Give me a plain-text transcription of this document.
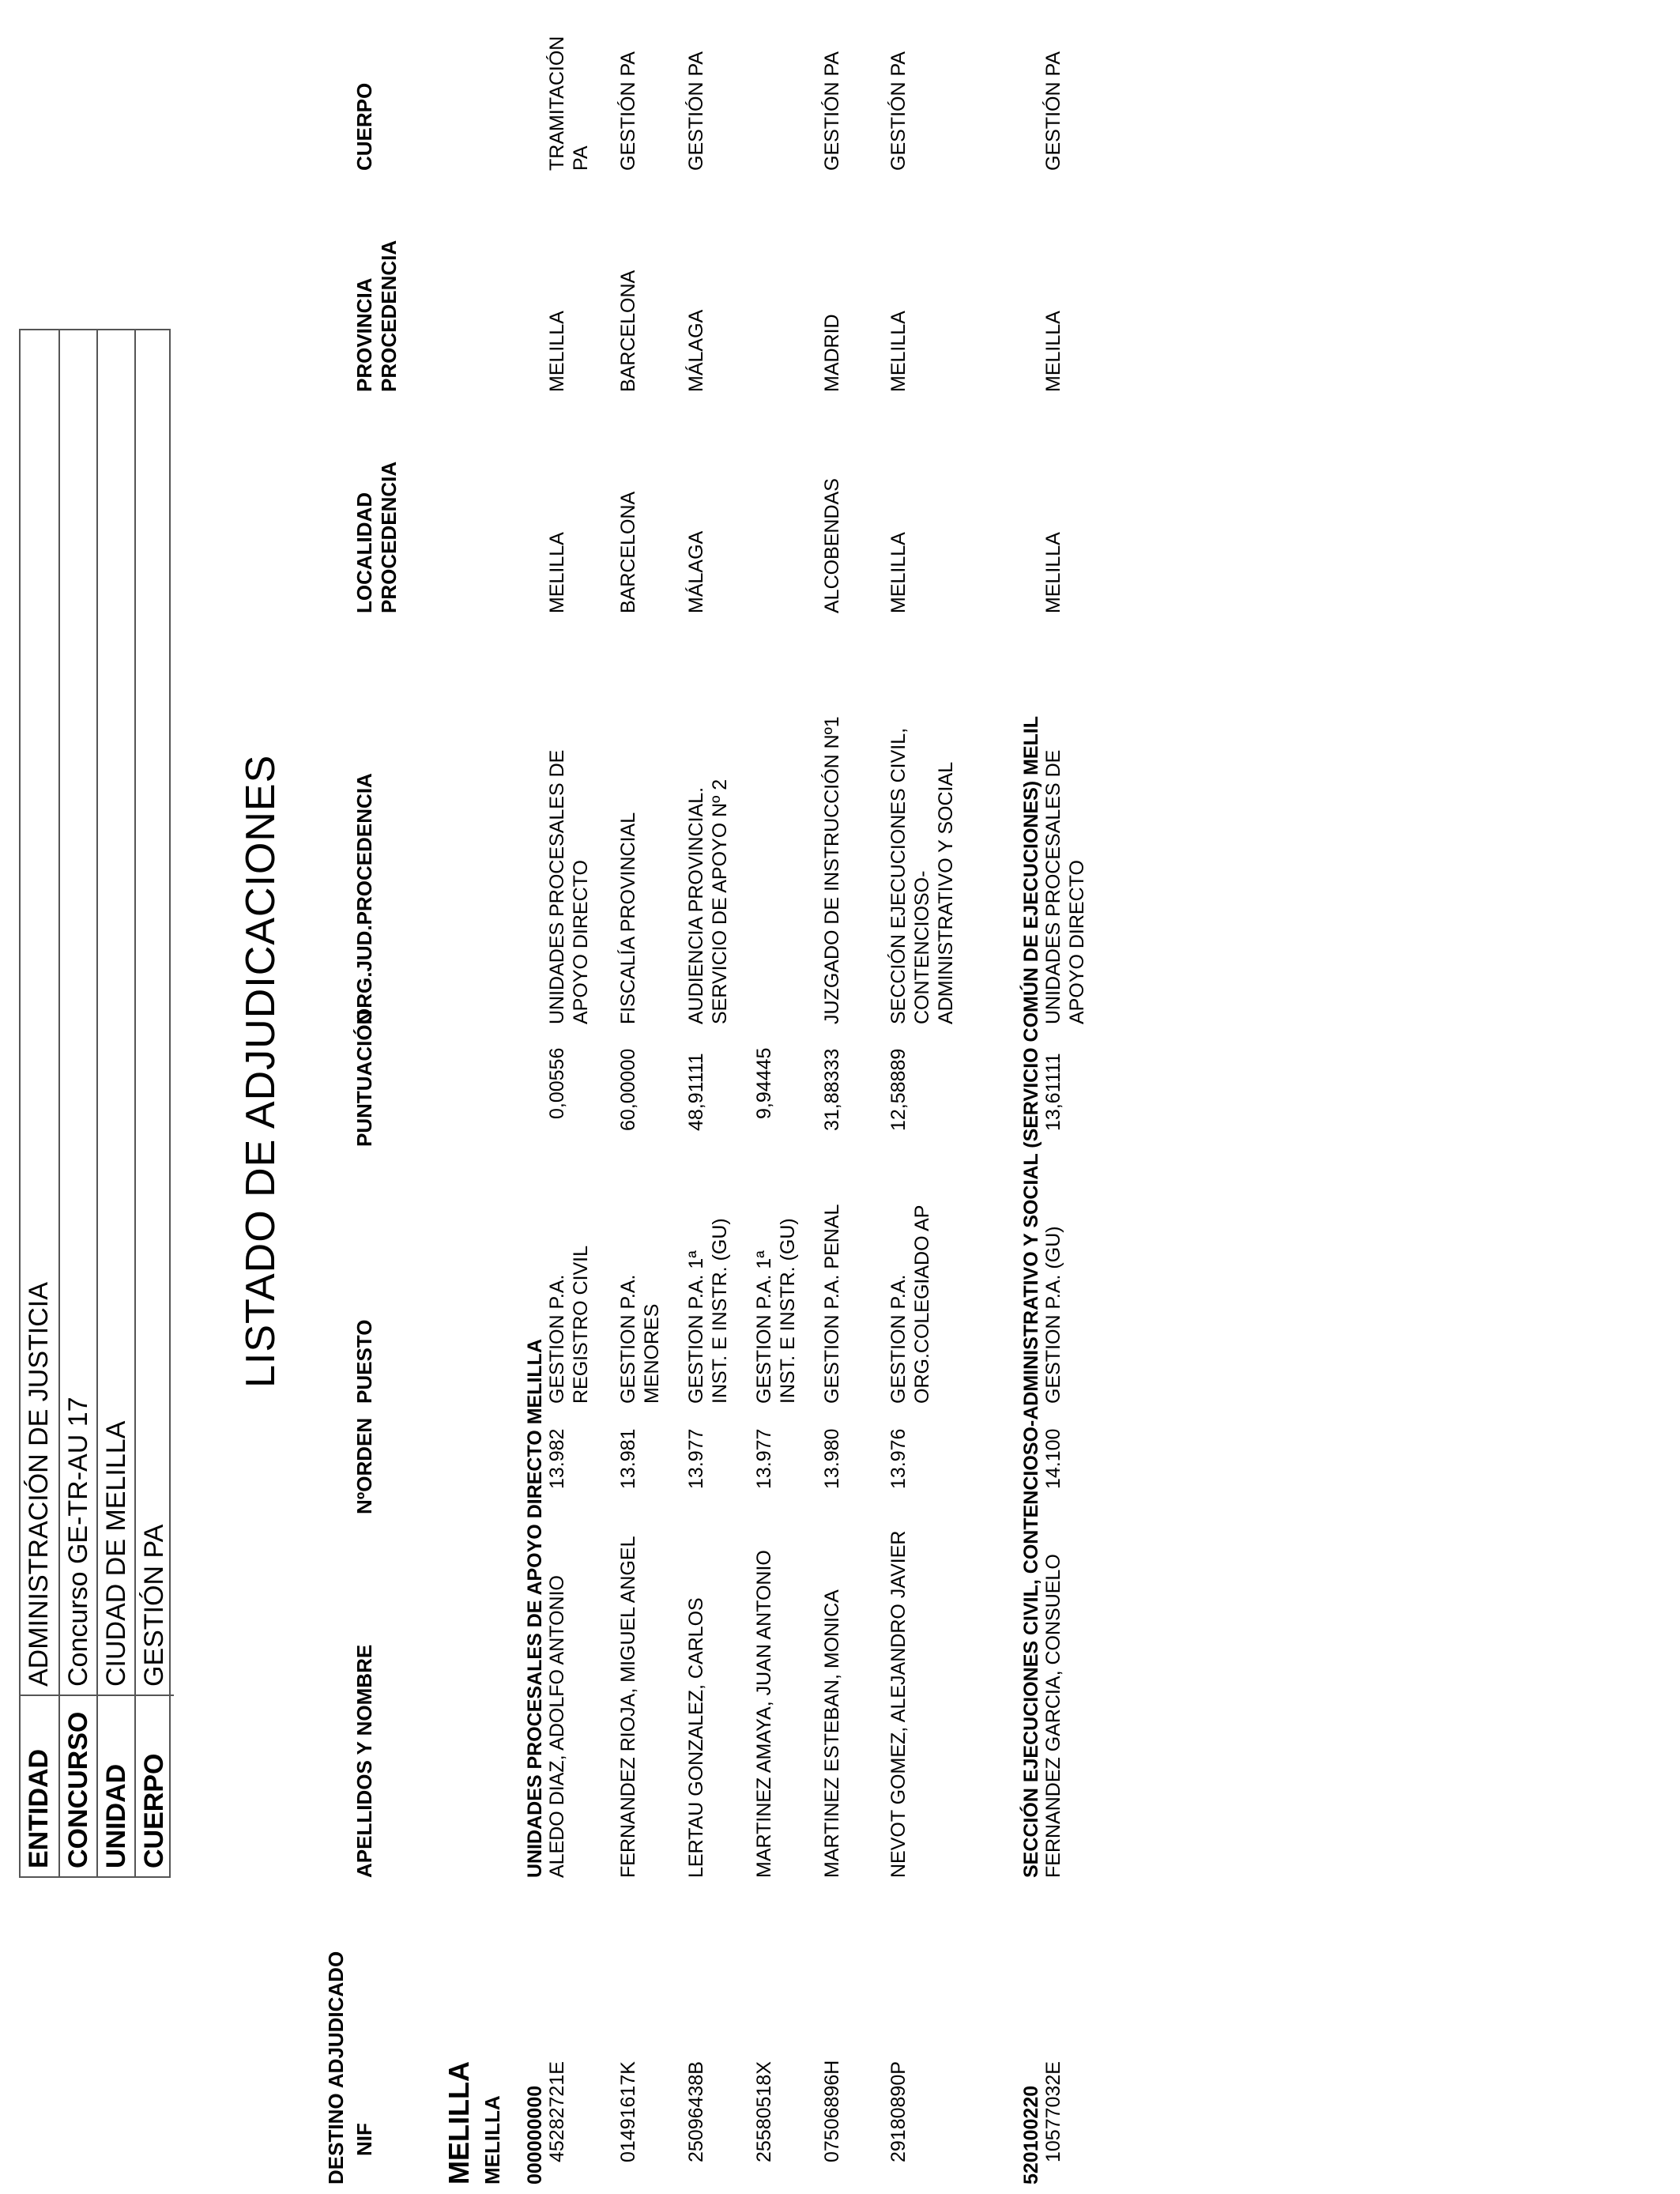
ENTIDAD
ADMINISTRACIÓN DE JUSTICIA
CONCURSO
Concurso GE-TR-AU 17
UNIDAD
CIUDAD DE MELILLA
CUERPO
GESTIÓN PA
LISTADO DE ADJUDICACIONES
DESTINO ADJUDICADO NIF
APELLIDOS Y NOMBRE
NºORDEN
PUESTO
PUNTUACIÓN
ORG.JUD.PROCEDENCIA
LOCALIDAD PROCEDENCIA
PROVINCIA PROCEDENCIA
CUERPO
MELILLA MELILLA 000000000
UNIDADES PROCESALES DE APOYO DIRECTO MELILLA
45282721E
ALEDO DIAZ, ADOLFO ANTONIO
13.982
GESTION P.A. REGISTRO CIVIL
0,00556
UNIDADES PROCESALES DE APOYO DIRECTO
MELILLA
MELILLA
TRAMITACIÓN PA
01491617K
FERNANDEZ RIOJA, MIGUEL ANGEL
13.981
GESTION P.A. MENORES
60,00000
FISCALÍA PROVINCIAL
BARCELONA
BARCELONA
GESTIÓN PA
25096438B
LERTAU GONZALEZ, CARLOS
13.977
GESTION P.A. 1ª INST. E INSTR. (GU)
48,91111
AUDIENCIA PROVINCIAL. SERVICIO DE APOYO Nº 2
MÁLAGA
MÁLAGA
GESTIÓN PA
25580518X
MARTINEZ AMAYA, JUAN ANTONIO
13.977
GESTION P.A. 1ª INST. E INSTR. (GU)
9,94445
07506896H
MARTINEZ ESTEBAN, MONICA
13.980
GESTION P.A. PENAL
31,88333
JUZGADO DE INSTRUCCIÓN Nº1
ALCOBENDAS
MADRID
GESTIÓN PA
29180890P
NEVOT GOMEZ, ALEJANDRO JAVIER
13.976
GESTION P.A. ORG.COLEGIADO AP
12,58889
SECCIÓN EJECUCIONES CIVIL, CONTENCIOSO- ADMINISTRATIVO Y SOCIAL
MELILLA
MELILLA
GESTIÓN PA
520100220
SECCIÓN EJECUCIONES CIVIL, CONTENCIOSO-ADMINISTRATIVO Y SOCIAL (SERVICIO COMÚN DE EJECUCIONES) MELIL
10577032E
FERNANDEZ GARCIA, CONSUELO
14.100
GESTION P.A. (GU)
13,61111
UNIDADES PROCESALES DE APOYO DIRECTO
MELILLA
MELILLA
GESTIÓN PA
